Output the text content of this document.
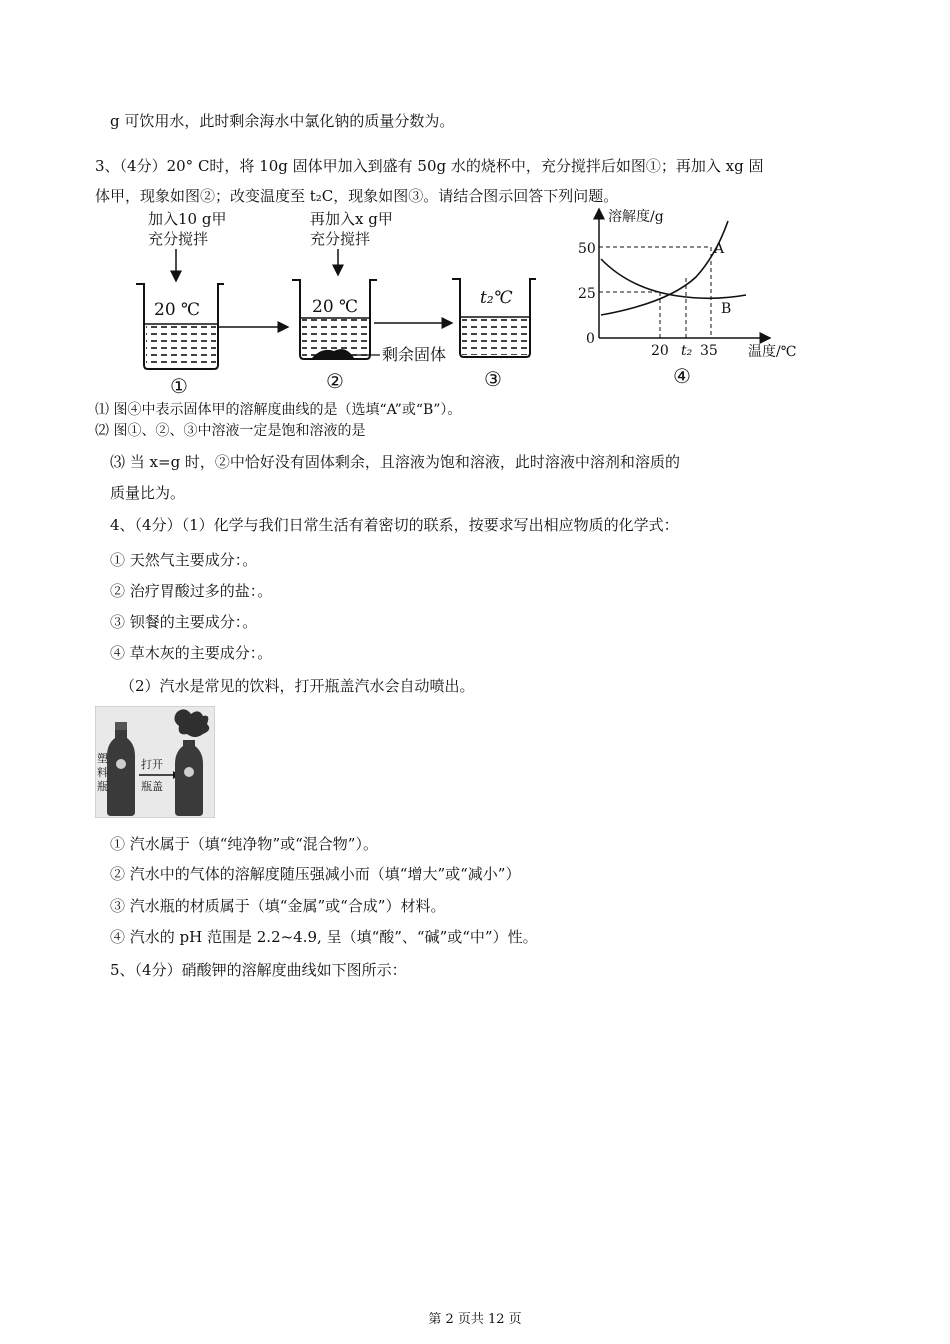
g 可饮用水，此时剩余海水中氯化钠的质量分数为。
3、（4分）20° C时，将 10g 固体甲加入到盛有 50g 水的烧杯中，充分搅拌后如图①；再加入 xg 固
体甲，现象如图②；改变温度至 t₂C，现象如图③。请结合图示回答下列问题。
加入10 g甲
充分搅拌
20 ℃
①
再加入x g甲
充分搅拌
剩余固体
20 ℃
②
t₂℃
③
溶解度/g
温度/℃
50
25
0
20 t₂ 35
A
B
④
⑴ 图④中表示固体甲的溶解度曲线的是（选填“A”或“B”）。
⑵ 图①、②、③中溶液一定是饱和溶液的是
⑶ 当 x=g 时，②中恰好没有固体剩余，且溶液为饱和溶液，此时溶液中溶剂和溶质的
质量比为。
4、（4分）（1）化学与我们日常生活有着密切的联系，按要求写出相应物质的化学式：
① 天然气主要成分：。
② 治疗胃酸过多的盐：。
③ 钡餐的主要成分：。
④ 草木灰的主要成分：。
（2）汽水是常见的饮料，打开瓶盖汽水会自动喷出。
塑
料
瓶
打开
瓶盖
① 汽水属于（填“纯净物”或“混合物”）。
② 汽水中的气体的溶解度随压强减小而（填“增大”或“减小”）
③ 汽水瓶的材质属于（填“金属”或“合成”）材料。
④ 汽水的 pH 范围是 2.2~4.9, 呈（填“酸”、“碱”或“中”）性。
5、（4分）硝酸钾的溶解度曲线如下图所示：
第 2 页共 12 页
